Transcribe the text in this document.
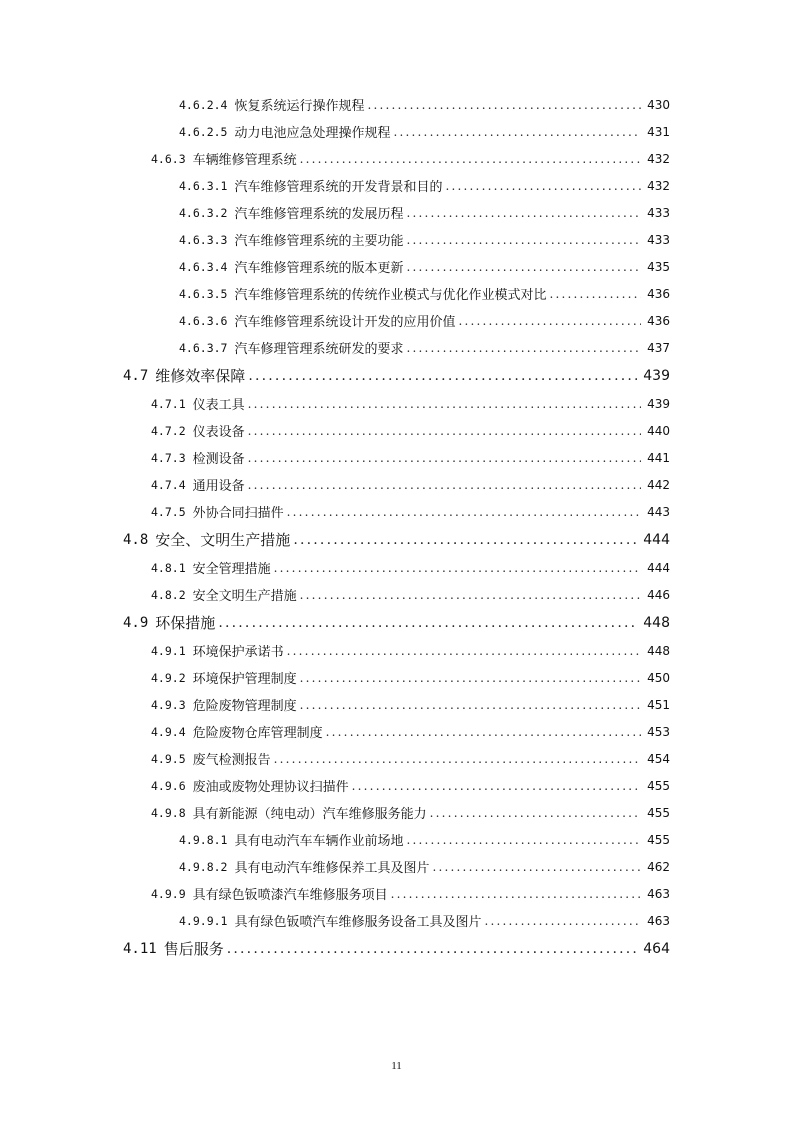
4.6.2.4 恢复系统运行操作规程 .....	430
4.6.2.5 动力电池应急处理操作规程 .....	431
4.6.3 车辆维修管理系统 .....	432
4.6.3.1 汽车维修管理系统的开发背景和目的 .....	432
4.6.3.2 汽车维修管理系统的发展历程 .....	433
4.6.3.3 汽车维修管理系统的主要功能 .....	433
4.6.3.4 汽车维修管理系统的版本更新 .....	435
4.6.3.5 汽车维修管理系统的传统作业模式与优化作业模式对比 .....	436
4.6.3.6 汽车维修管理系统设计开发的应用价值 .....	436
4.6.3.7 汽车修理管理系统研发的要求 .....	437
4.7 维修效率保障 .....	439
4.7.1 仪表工具 .....	439
4.7.2 仪表设备 .....	440
4.7.3 检测设备 .....	441
4.7.4 通用设备 .....	442
4.7.5 外协合同扫描件 .....	443
4.8 安全、文明生产措施 .....	444
4.8.1 安全管理措施 .....	444
4.8.2 安全文明生产措施 .....	446
4.9 环保措施 .....	448
4.9.1 环境保护承诺书 .....	448
4.9.2 环境保护管理制度 .....	450
4.9.3 危险废物管理制度 .....	451
4.9.4 危险废物仓库管理制度 .....	453
4.9.5 废气检测报告 .....	454
4.9.6 废油或废物处理协议扫描件 .....	455
4.9.8 具有新能源（纯电动）汽车维修服务能力 .....	455
4.9.8.1 具有电动汽车车辆作业前场地 .....	455
4.9.8.2 具有电动汽车维修保养工具及图片 .....	462
4.9.9 具有绿色钣喷漆汽车维修服务项目 .....	463
4.9.9.1 具有绿色钣喷汽车维修服务设备工具及图片 .....	463
4.11 售后服务 .....	464
11
